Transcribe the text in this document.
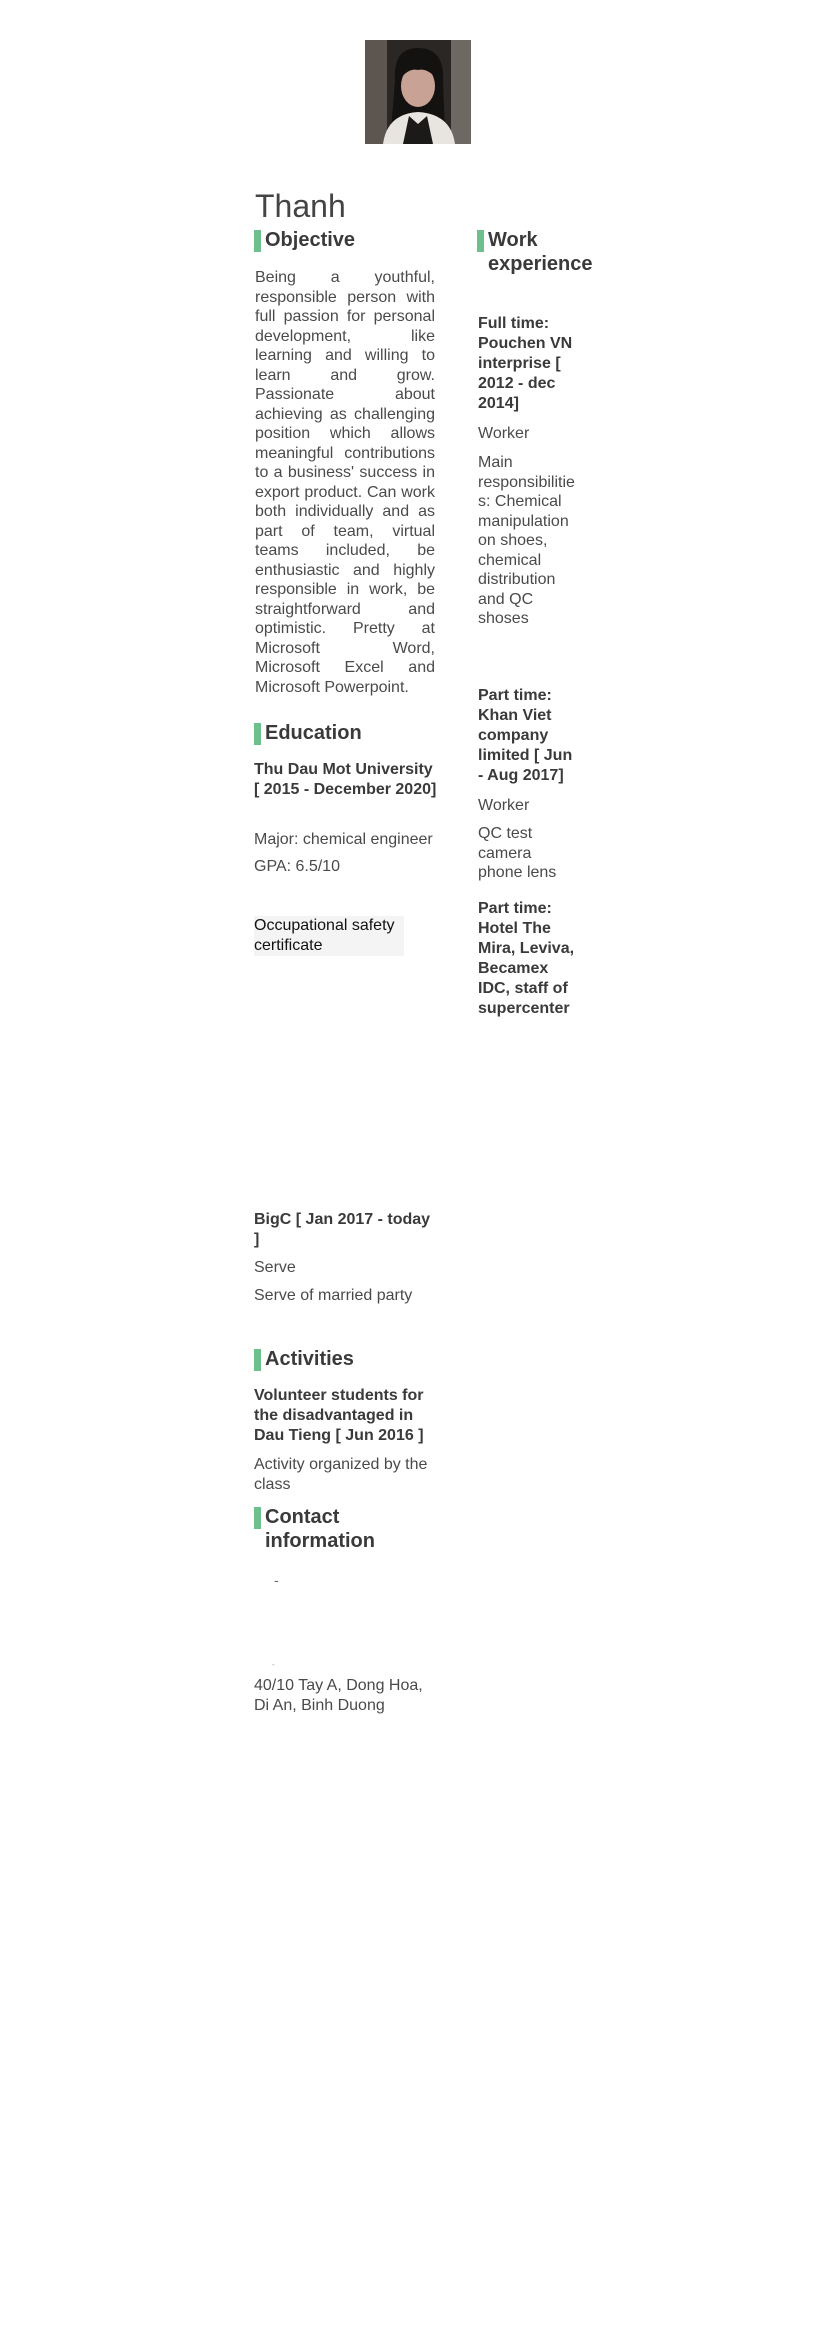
Thanh
Objective
Being a youthful, responsible person with full passion for personal development, like learning and willing to learn and grow. Passionate about achieving as challenging position which allows meaningful contributions to a business' success in export product. Can work both individually and as part of team, virtual teams included, be enthusiastic and highly responsible in work, be straightforward and optimistic. Pretty at Microsoft Word, Microsoft Excel and Microsoft Powerpoint.
Education
Thu Dau Mot University [ 2015 - December 2020]
Major: chemical engineer
GPA: 6.5/10
Occupational safety certificate
BigC [ Jan 2017 - today ]
Serve
Serve of married party
Activities
Volunteer students for the disadvantaged in Dau Tieng [ Jun 2016 ]
Activity organized by the class
Contact information
-
-
40/10 Tay A, Dong Hoa, Di An, Binh Duong
Work experience
Full time: Pouchen VN interprise [ 2012 - dec 2014]
Worker
Main responsibilities: Chemical manipulation on shoes, chemical distribution and QC shoses
Part time: Khan Viet company limited [ Jun - Aug 2017]
Worker
QC test camera phone lens
Part time: Hotel The Mira, Leviva, Becamex IDC, staff of supercenter
